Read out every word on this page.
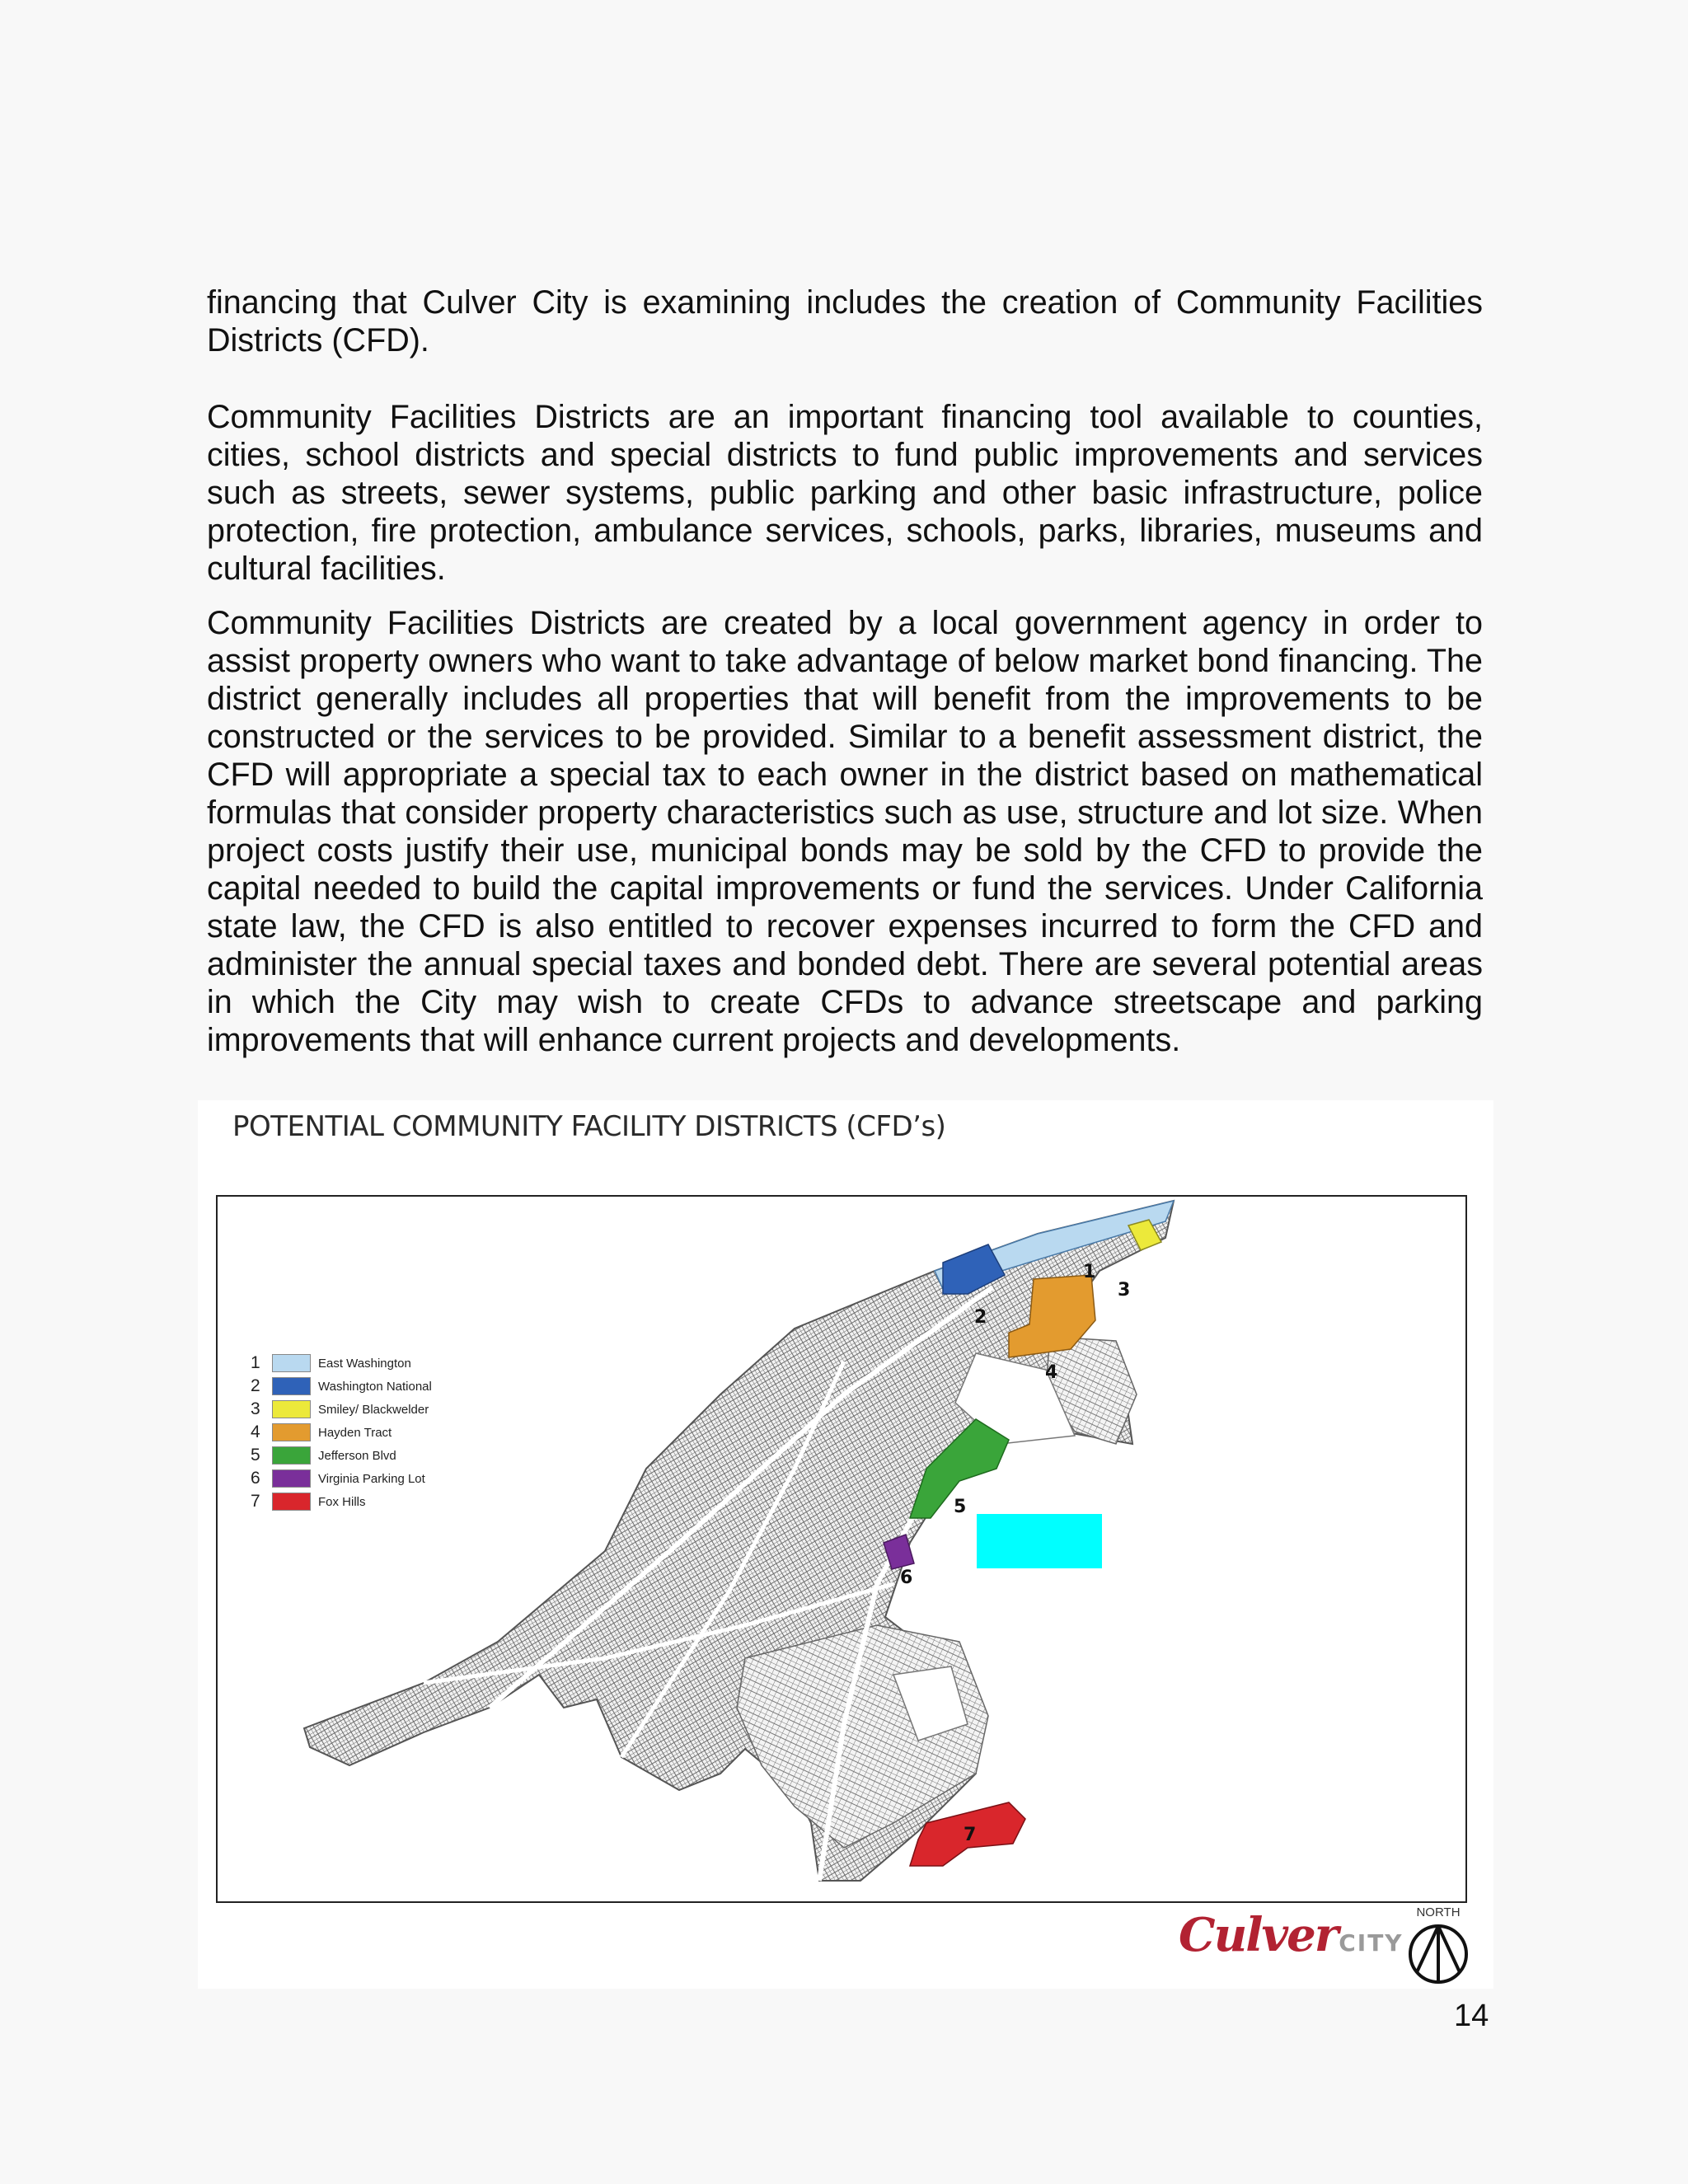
financing that Culver City is examining includes the creation of Community Facilities Districts (CFD).

Community Facilities Districts are an important financing tool available to counties, cities, school districts and special districts to fund public improvements and services such as streets, sewer systems, public parking and other basic infrastructure, police protection, fire protection, ambulance services, schools, parks, libraries, museums and cultural facilities.

Community Facilities Districts are created by a local government agency in order to assist property owners who want to take advantage of below market bond financing. The district generally includes all properties that will benefit from the improvements to be constructed or the services to be provided. Similar to a benefit assessment district, the CFD will appropriate a special tax to each owner in the district based on mathematical formulas that consider property characteristics such as use, structure and lot size. When project costs justify their use, municipal bonds may be sold by the CFD to provide the capital needed to build the capital improvements or fund the services. Under California state law, the CFD is also entitled to recover expenses incurred to form the CFD and administer the annual special taxes and bonded debt. There are several potential areas in which the City may wish to create CFDs to advance streetscape and parking improvements that will enhance current projects and developments.

POTENTIAL COMMUNITY FACILITY DISTRICTS (CFD’s)
1
2
3
4
5
6
7
1	East Washington
2	Washington National
3	Smiley/ Blackwelder
4	Hayden Tract
5	Jefferson Blvd
6	Virginia Parking Lot
7	Fox Hills
CulverCITY
NORTH
14
